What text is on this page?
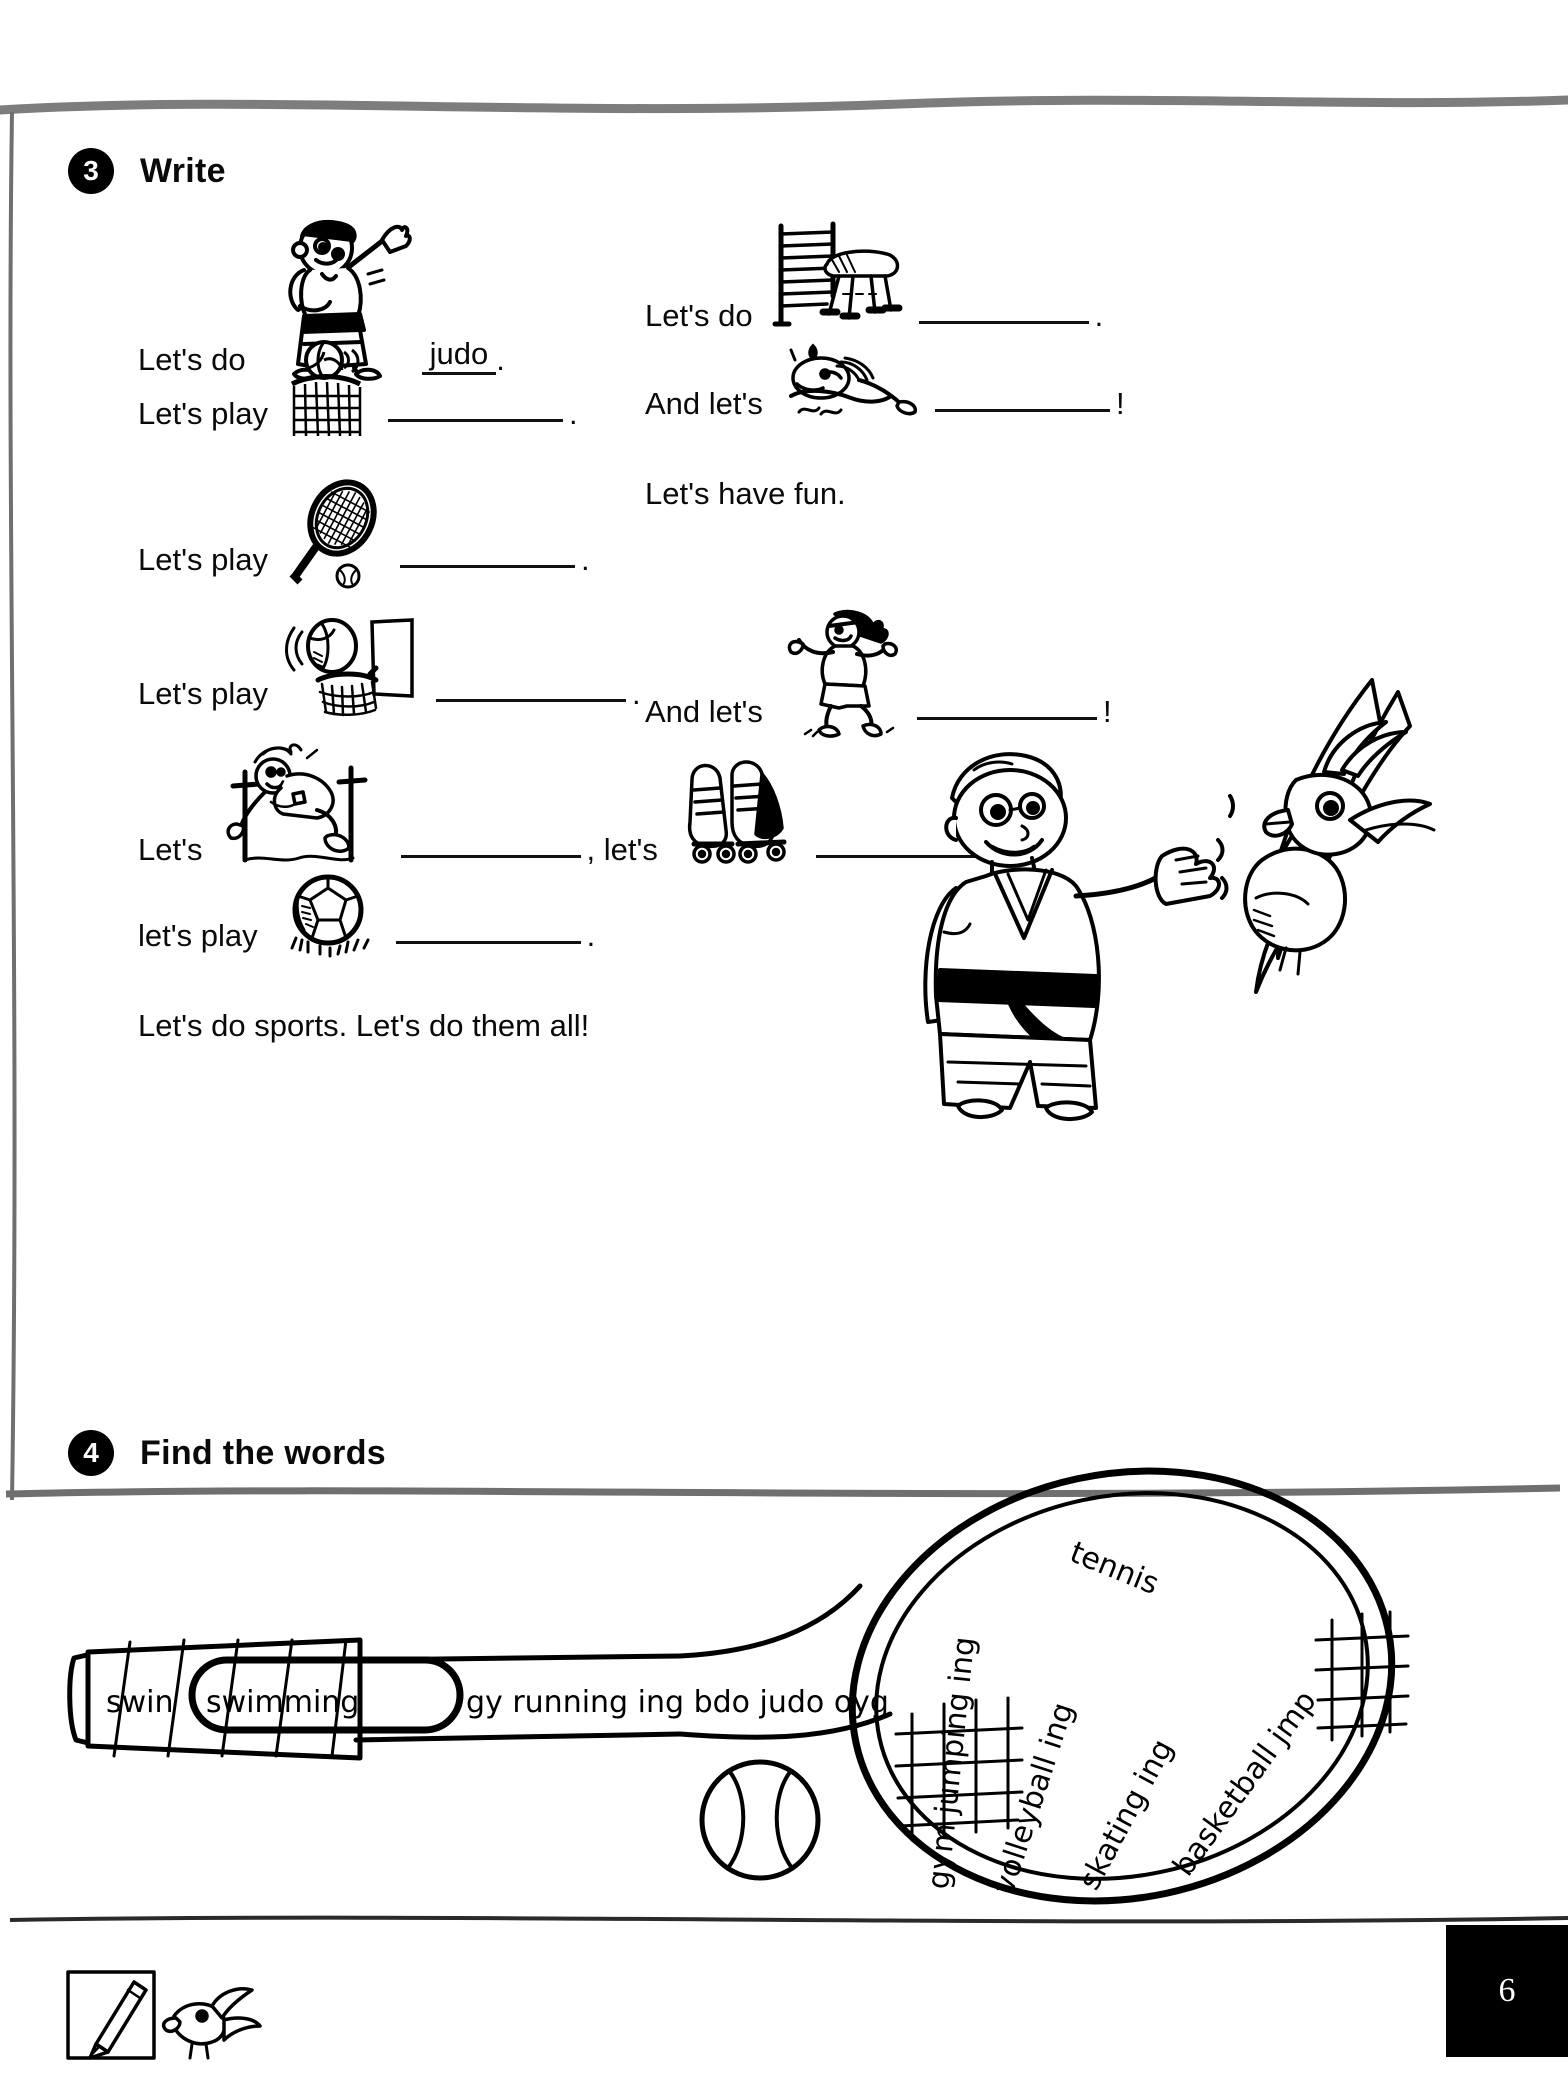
3	Write
Let's do	judo .
Let's do	.
Let's play	. And let's	!
Let's play	.
Let's have fun.
Let's play	.
And let's	!
Let's	, let's
let's play	.
Let's do sports. Let's do them all!
4	Find the words
swin swimming	gy running ing bdo judo oyg gym jumping ing volleyball ing
skating ing
basketball jmp
tennis
6
